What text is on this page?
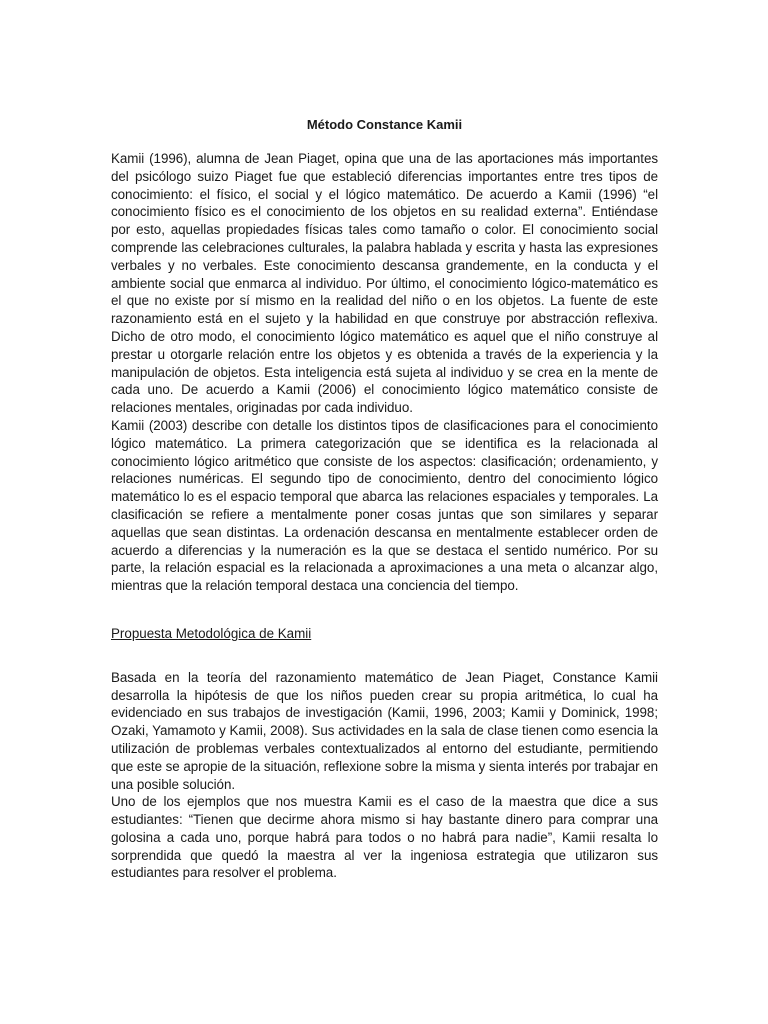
Método Constance Kamii

Kamii (1996), alumna de Jean Piaget, opina que una de las aportaciones más importantes del psicólogo suizo Piaget fue que estableció diferencias importantes entre tres tipos de conocimiento: el físico, el social y el lógico matemático. De acuerdo a Kamii (1996) “el conocimiento físico es el conocimiento de los objetos en su realidad externa”. Entiéndase por esto, aquellas propiedades físicas tales como tamaño o color. El conocimiento social comprende las celebraciones culturales, la palabra hablada y escrita y hasta las expresiones verbales y no verbales. Este conocimiento descansa grandemente, en la conducta y el ambiente social que enmarca al individuo. Por último, el conocimiento lógico-matemático es el que no existe por sí mismo en la realidad del niño o en los objetos. La fuente de este razonamiento está en el sujeto y la habilidad en que construye por abstracción reflexiva. Dicho de otro modo, el conocimiento lógico matemático es aquel que el niño construye al prestar u otorgarle relación entre los objetos y es obtenida a través de la experiencia y la manipulación de objetos. Esta inteligencia está sujeta al individuo y se crea en la mente de cada uno. De acuerdo a Kamii (2006) el conocimiento lógico matemático consiste de relaciones mentales, originadas por cada individuo.

Kamii (2003) describe con detalle los distintos tipos de clasificaciones para el conocimiento lógico matemático. La primera categorización que se identifica es la relacionada al conocimiento lógico aritmético que consiste de los aspectos: clasificación; ordenamiento, y relaciones numéricas. El segundo tipo de conocimiento, dentro del conocimiento lógico matemático lo es el espacio temporal que abarca las relaciones espaciales y temporales. La clasificación se refiere a mentalmente poner cosas juntas que son similares y separar aquellas que sean distintas. La ordenación descansa en mentalmente establecer orden de acuerdo a diferencias y la numeración es la que se destaca el sentido numérico. Por su parte, la relación espacial es la relacionada a aproximaciones a una meta o alcanzar algo, mientras que la relación temporal destaca una conciencia del tiempo.

Propuesta Metodológica de Kamii

Basada en la teoría del razonamiento matemático de Jean Piaget, Constance Kamii desarrolla la hipótesis de que los niños pueden crear su propia aritmética, lo cual ha evidenciado en sus trabajos de investigación (Kamii, 1996, 2003; Kamii y Dominick, 1998; Ozaki, Yamamoto y Kamii, 2008). Sus actividades en la sala de clase tienen como esencia la utilización de problemas verbales contextualizados al entorno del estudiante, permitiendo que este se apropie de la situación, reflexione sobre la misma y sienta interés por trabajar en una posible solución.

Uno de los ejemplos que nos muestra Kamii es el caso de la maestra que dice a sus estudiantes: “Tienen que decirme ahora mismo si hay bastante dinero para comprar una golosina a cada uno, porque habrá para todos o no habrá para nadie”, Kamii resalta lo sorprendida que quedó la maestra al ver la ingeniosa estrategia que utilizaron sus estudiantes para resolver el problema.
